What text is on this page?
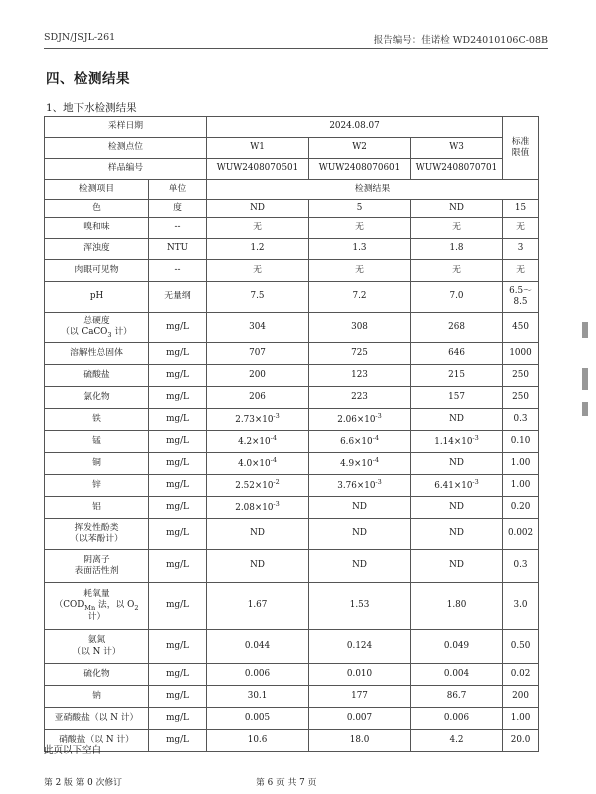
SDJN/JSJL-261	报告编号：佳诺检 WD24010106C-08B
四、检测结果
1、地下水检测结果
采样日期		2024.08.07			标准
限值
检测点位		W1	W2	W3	
样品编号		WUW2408070501	WUW2408070601	WUW2408070701	
检测项目	单位	检测结果			
色	度	ND	5	ND	15
嗅和味	--	无	无	无	无
浑浊度	NTU	1.2	1.3	1.8	3
肉眼可见物	--	无	无	无	无
pH	无量纲	7.5	7.2	7.0	6.5～
8.5
总硬度
（以 CaCO$_3$ 计）	mg/L	304	308	268	450
溶解性总固体	mg/L	707	725	646	1000
硫酸盐	mg/L	200	123	215	250
氯化物	mg/L	206	223	157	250
铁	mg/L	$2.73\times 10^{-3}$	$2.06\times 10^{-3}$	ND	0.3
锰	mg/L	$4.2\times 10^{-4}$	$6.6\times 10^{-4}$	$1.14\times 10^{-3}$	0.10
铜	mg/L	$4.0\times 10^{-4}$	$4.9\times 10^{-4}$	ND	1.00
锌	mg/L	$2.52\times 10^{-2}$	$3.76\times 10^{-3}$	$6.41\times 10^{-3}$	1.00
铝	mg/L	$2.08\times 10^{-3}$	ND	ND	0.20
挥发性酚类
（以苯酚计）	mg/L	ND	ND	ND	0.002
阴离子
表面活性剂	mg/L	ND	ND	ND	0.3
耗氧量
（$COD_{Mn}$ 法，以 $O_2$
计）	mg/L	1.67	1.53	1.80	3.0
氨氮
（以 N 计）	mg/L	0.044	0.124	0.049	0.50
硫化物	mg/L	0.006	0.010	0.004	0.02
钠	mg/L	30.1	177	86.7	200
亚硝酸盐（以 N 计）	mg/L	0.005	0.007	0.006	1.00
硝酸盐（以 N 计）	mg/L	10.6	18.0	4.2	20.0
此页以下空白
第 2 版 第 0 次修订	第 6 页 共 7 页
